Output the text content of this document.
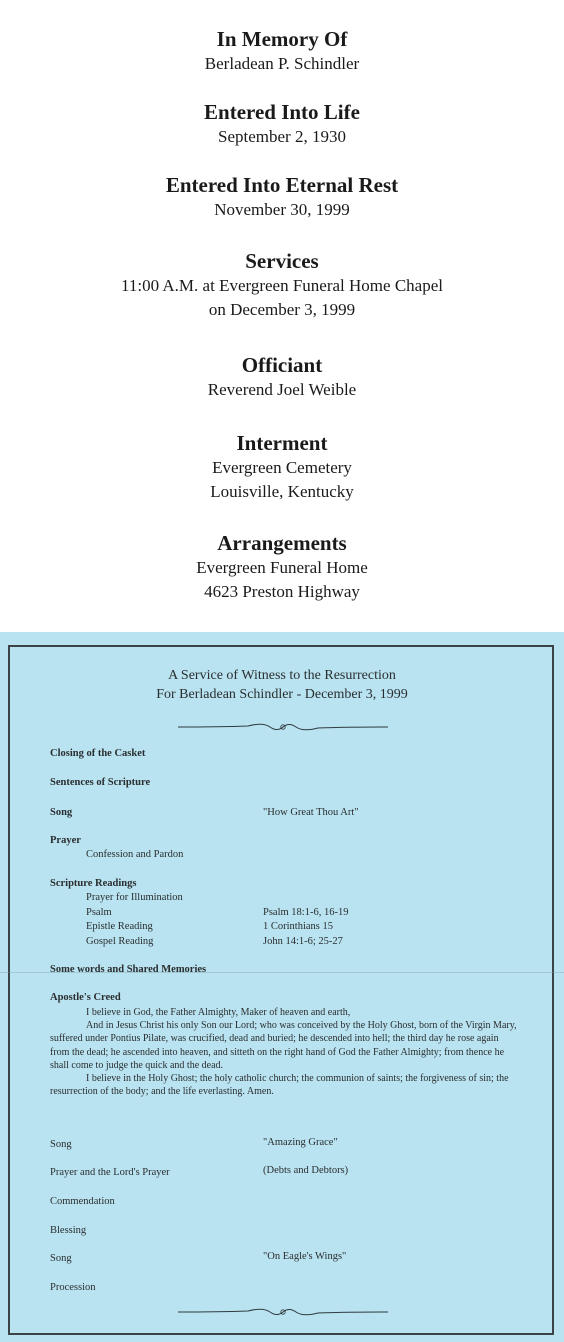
In Memory Of

Berladean P. Schindler

Entered Into Life

September 2, 1930

Entered Into Eternal Rest

November 30, 1999

Services

11:00 A.M. at Evergreen Funeral Home Chapel

on December 3, 1999

Officiant

Reverend Joel Weible

Interment

Evergreen Cemetery

Louisville, Kentucky

Arrangements

Evergreen Funeral Home

4623 Preston Highway

A Service of Witness to the Resurrection
For Berladean Schindler - December 3, 1999
Closing of the Casket
Sentences of Scripture
Song	"How Great Thou Art"
Prayer
Confession and Pardon
Scripture Readings
Prayer for Illumination
Psalm	Psalm 18:1-6, 16-19
Epistle Reading	1 Corinthians 15
Gospel Reading	John 14:1-6; 25-27
Some words and Shared Memories
Apostle's Creed

I believe in God, the Father Almighty, Maker of heaven and earth,

And in Jesus Christ his only Son our Lord; who was conceived by the Holy Ghost, born of the Virgin Mary, suffered under Pontius Pilate, was crucified, dead and buried; he descended into hell; the third day he rose again from the dead; he ascended into heaven, and sitteth on the right hand of God the Father Almighty; from thence he shall come to judge the quick and the dead.

I believe in the Holy Ghost; the holy catholic church; the communion of saints; the forgiveness of sin; the resurrection of the body; and the life everlasting. Amen.

Song	"Amazing Grace"
Prayer and the Lord's Prayer	(Debts and Debtors)
Commendation
Blessing
Song	"On Eagle's Wings"
Procession
